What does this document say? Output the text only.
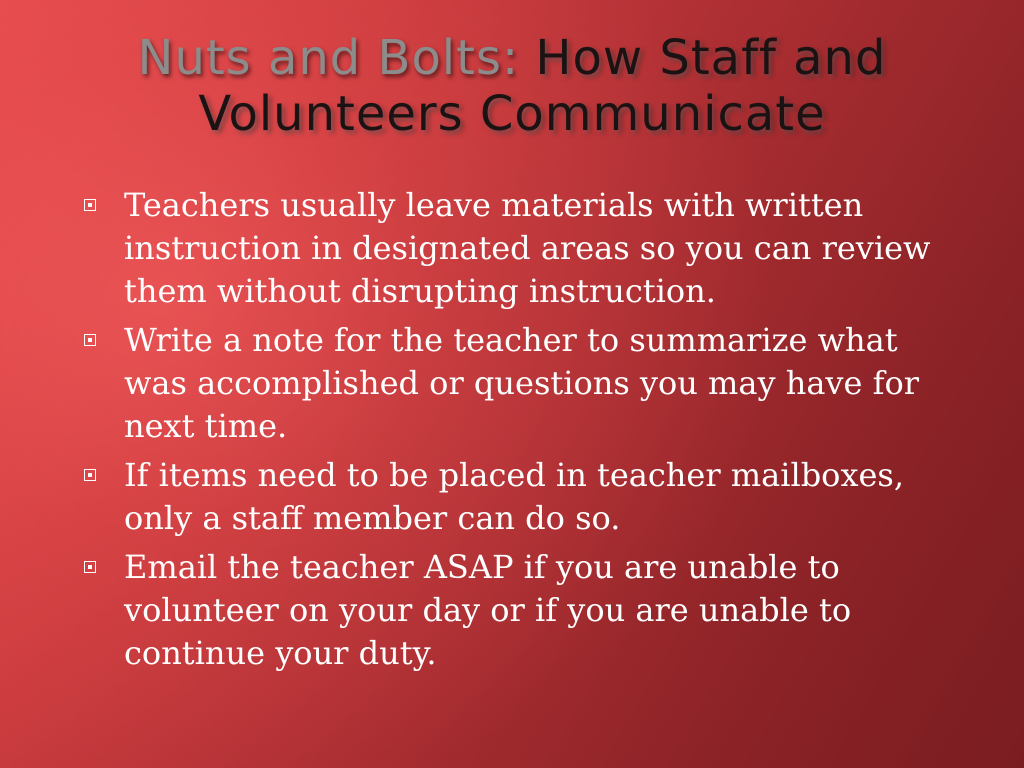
Nuts and Bolts: How Staff and
Volunteers Communicate
Teachers usually leave materials with written instruction in designated areas so you can review them without disrupting instruction.
Write a note for the teacher to summarize what was accomplished or questions you may have for next time.
If items need to be placed in teacher mailboxes, only a staff member can do so.
Email the teacher ASAP if you are unable to volunteer on your day or if you are unable to continue your duty.
